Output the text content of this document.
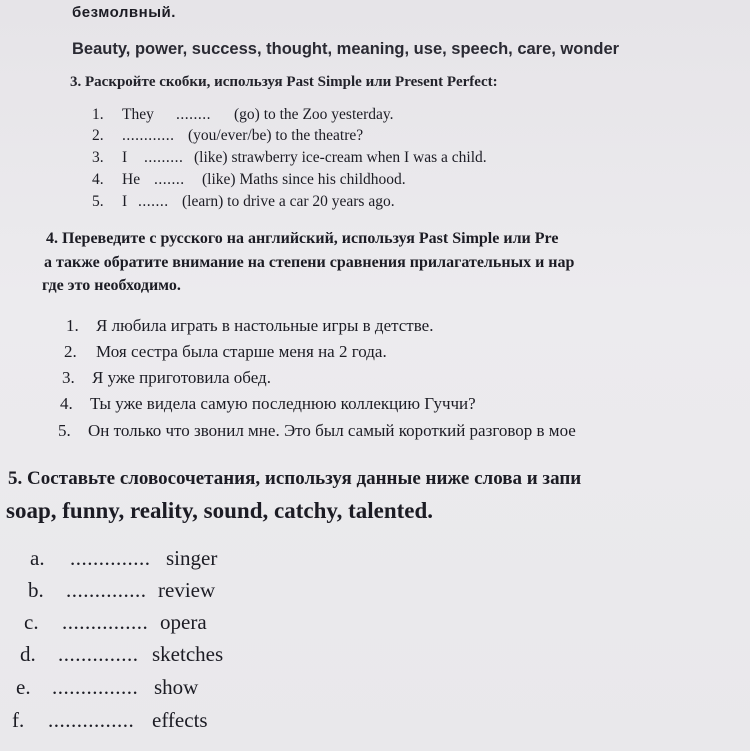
безмолвный.
Beauty, power, success, thought, meaning, use, speech, care, wonder
3. Раскройте скобки, используя Past Simple или Present Perfect:
1. They ........ (go) to the Zoo yesterday.
2. ............ (you/ever/be) to the theatre?
3. I ......... (like) strawberry ice-cream when I was a child.
4. He ....... (like) Maths since his childhood.
5. I ....... (learn) to drive a car 20 years ago.
4. Переведите с русского на английский, используя Past Simple или Pre
а также обратите внимание на степени сравнения прилагательных и нар
где это необходимо.
1. Я любила играть в настольные игры в детстве.
2. Моя сестра была старше меня на 2 года.
3. Я уже приготовила обед.
4. Ты уже видела самую последнюю коллекцию Гуччи?
5. Он только что звонил мне. Это был самый короткий разговор в мое
5. Составьте словосочетания, используя данные ниже слова и запи
soap, funny, reality, sound, catchy, talented.
a. .............. singer
b. .............. review
c. ............... opera
d. .............. sketches
e. ............... show
f. ............... effects
